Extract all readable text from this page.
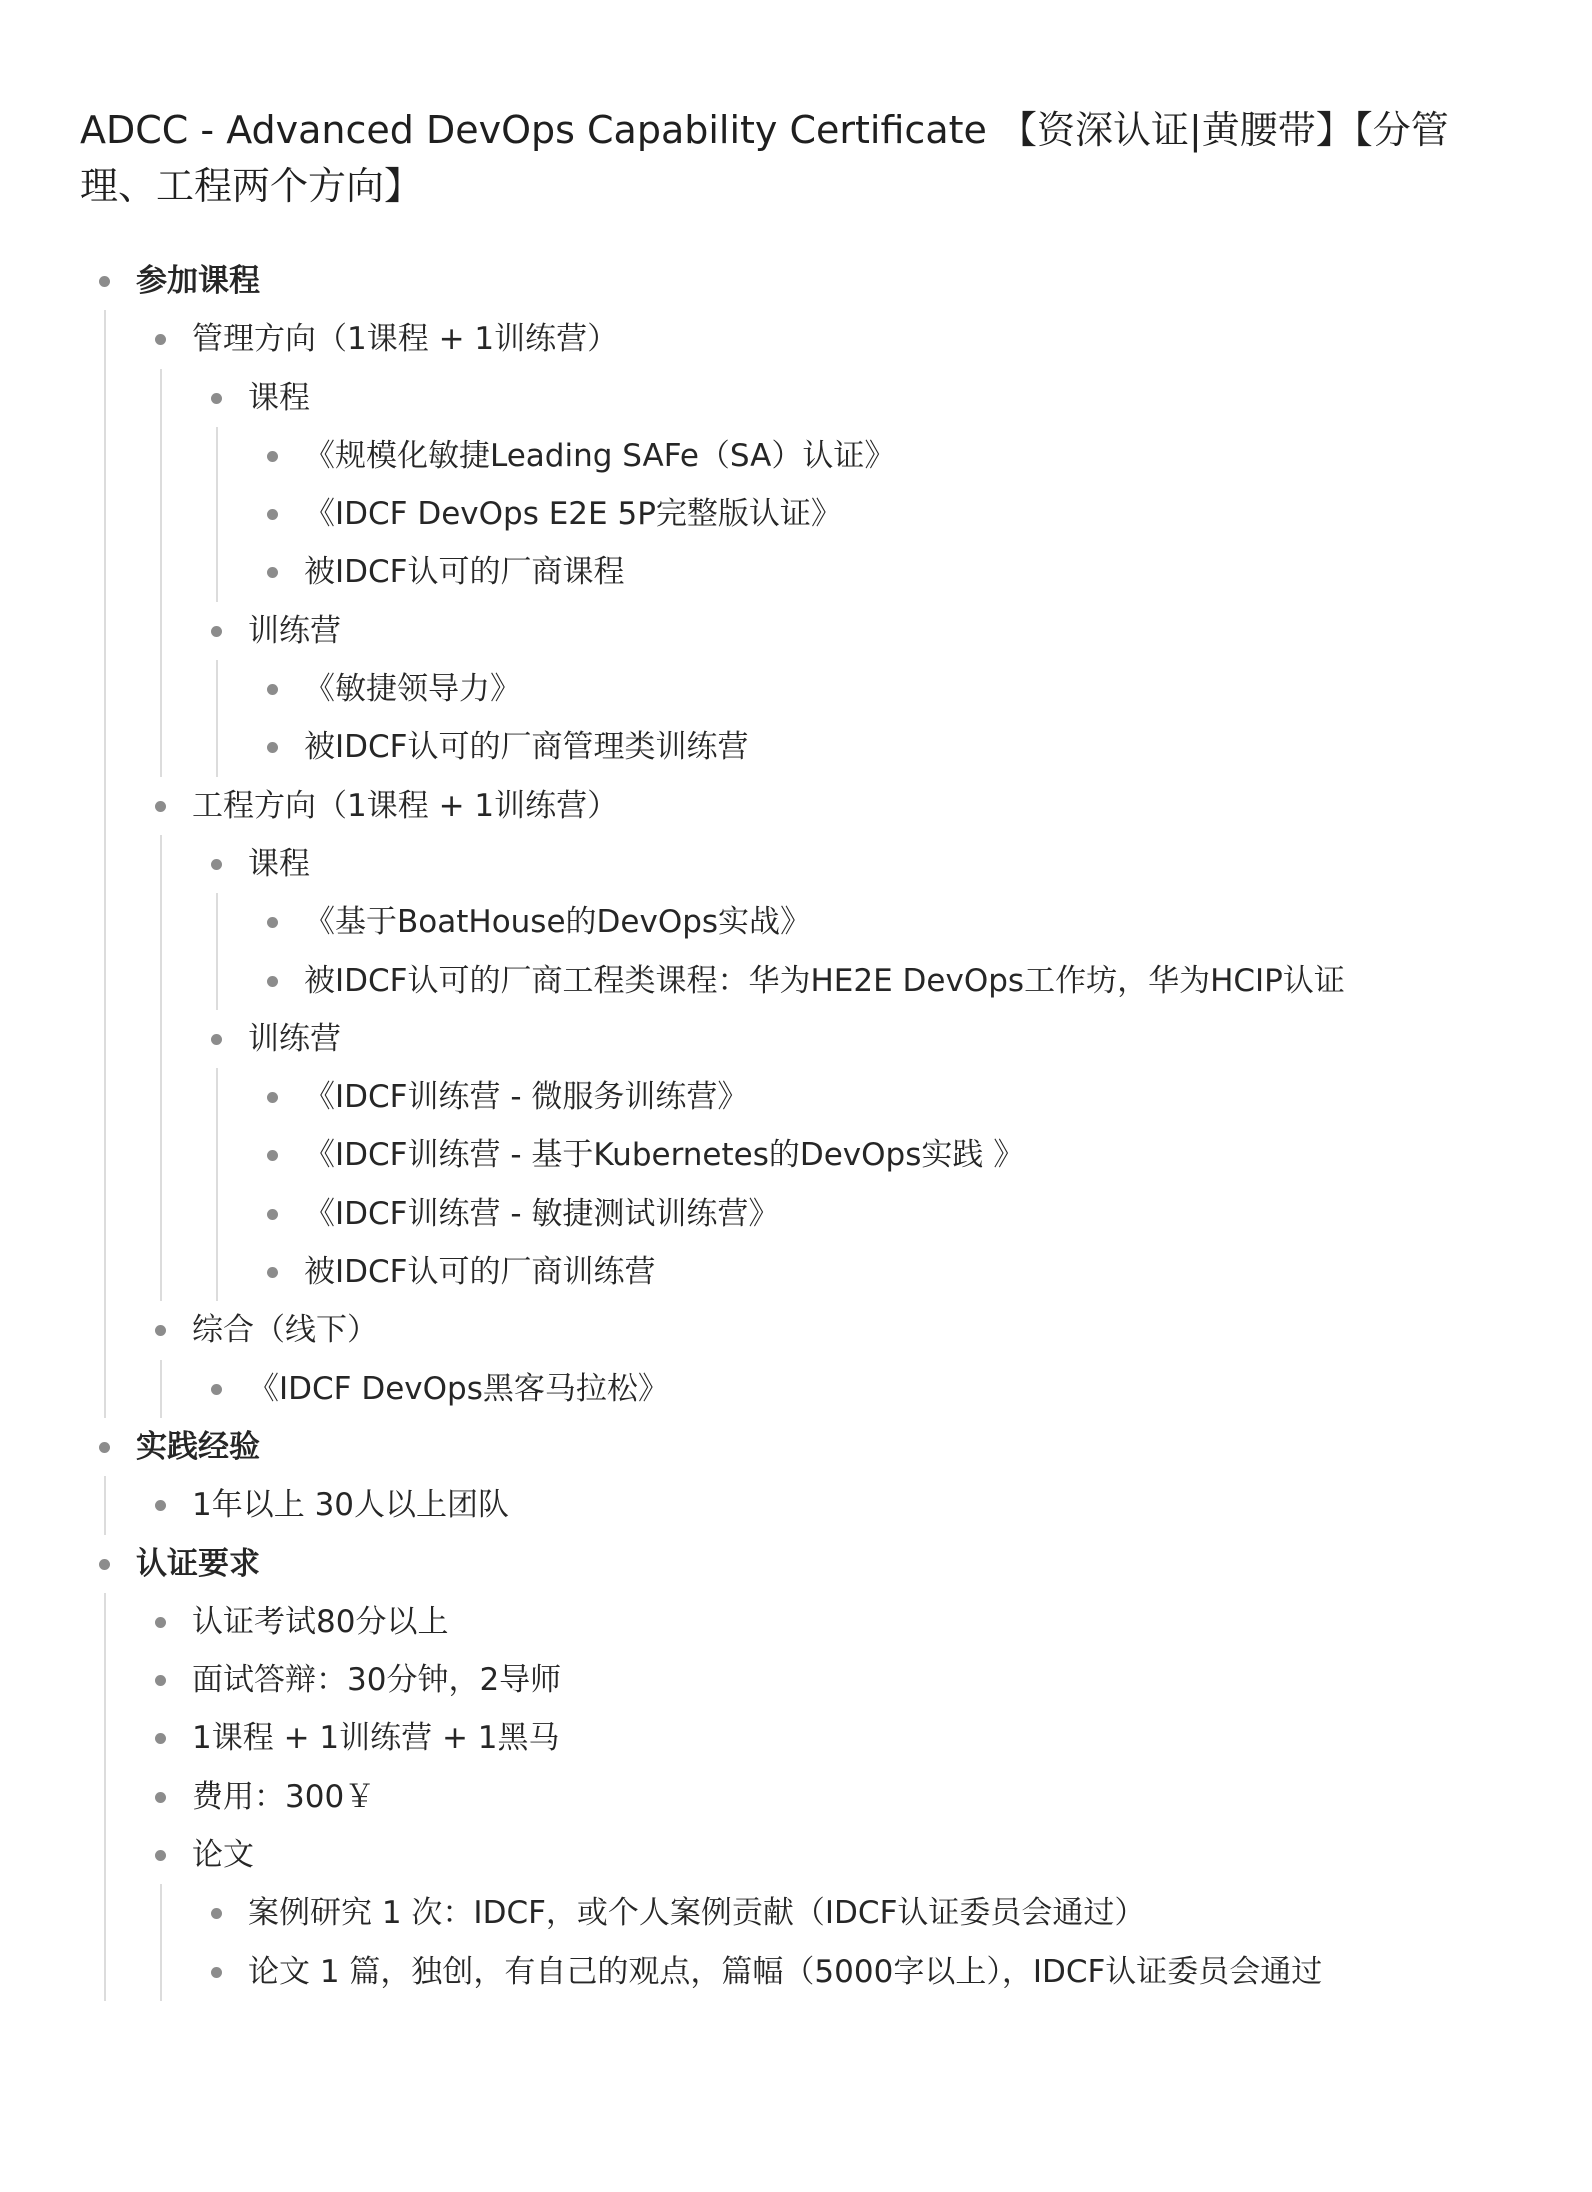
ADCC - Advanced DevOps Capability Certificate 【资深认证|黄腰带】【分管理、工程两个方向】
参加课程
管理方向（1课程 + 1训练营）
课程
《规模化敏捷Leading SAFe（SA）认证》
《IDCF DevOps E2E 5P完整版认证》
被IDCF认可的厂商课程
训练营
《敏捷领导力》
被IDCF认可的厂商管理类训练营
工程方向（1课程 + 1训练营）
课程
《基于BoatHouse的DevOps实战》
被IDCF认可的厂商工程类课程：华为HE2E DevOps工作坊，华为HCIP认证
训练营
《IDCF训练营 - 微服务训练营》
《IDCF训练营 - 基于Kubernetes的DevOps实践 》
《IDCF训练营 - 敏捷测试训练营》
被IDCF认可的厂商训练营
综合（线下）
《IDCF DevOps黑客马拉松》
实践经验
1年以上 30人以上团队
认证要求
认证考试80分以上
面试答辩：30分钟，2导师
1课程 + 1训练营 + 1黑马
费用：300￥
论文
案例研究 1 次：IDCF，或个人案例贡献（IDCF认证委员会通过）
论文 1 篇，独创，有自己的观点，篇幅（5000字以上），IDCF认证委员会通过
